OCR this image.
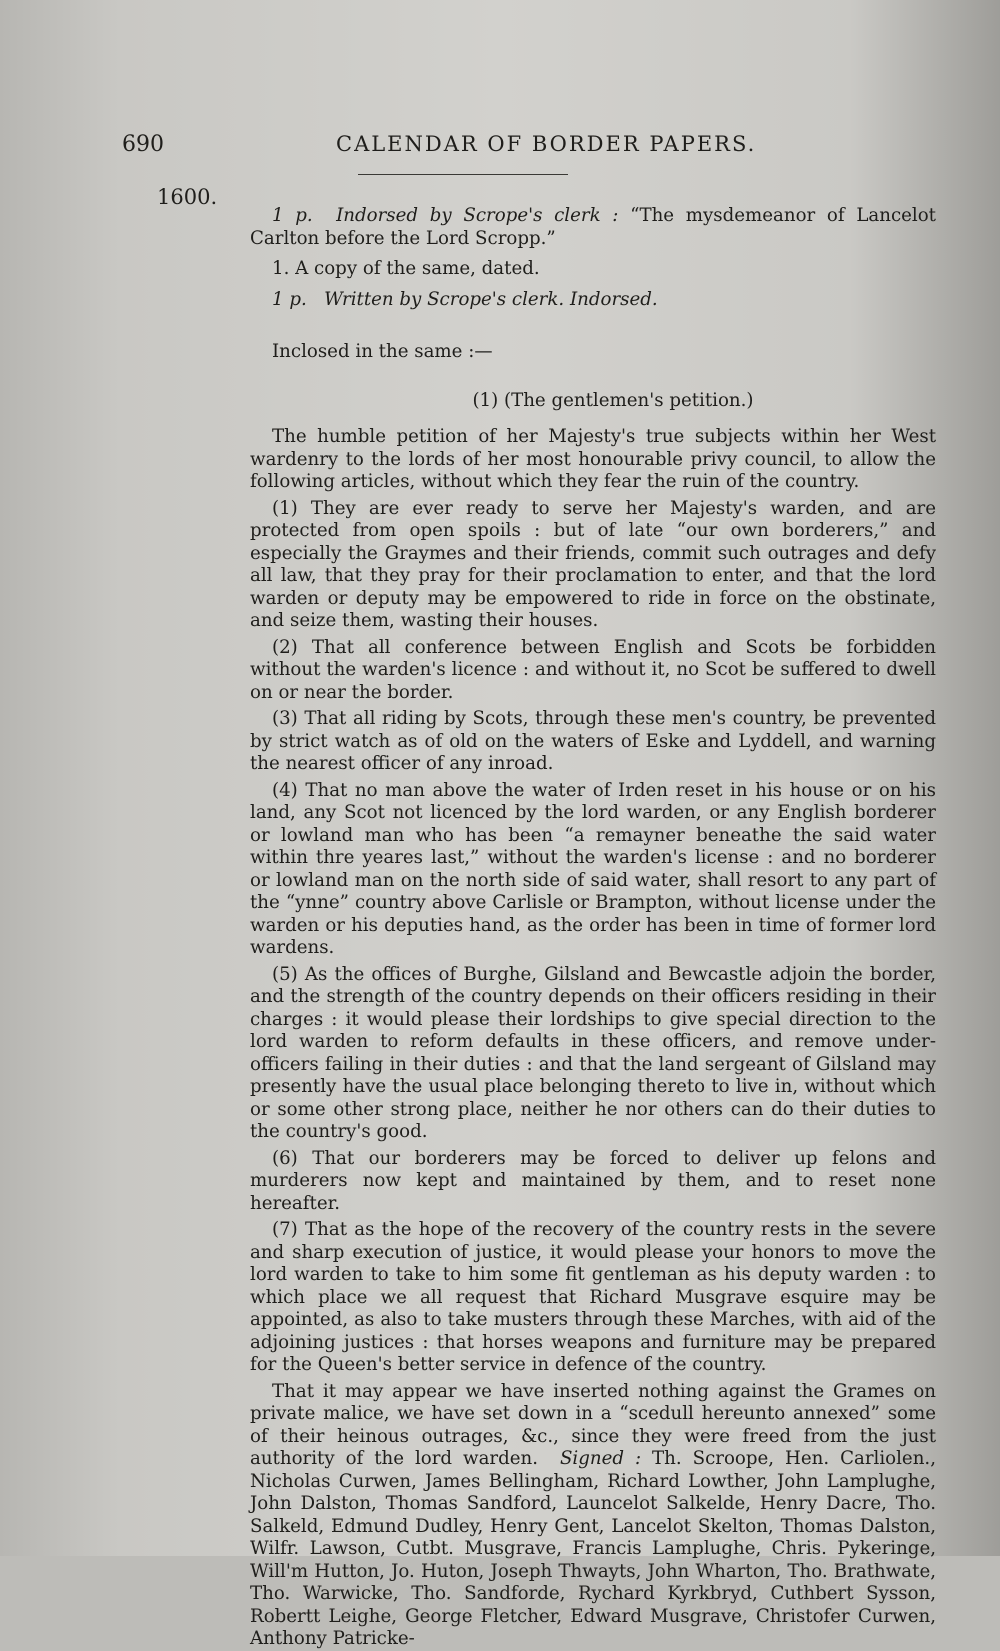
690	CALENDAR OF BORDER PAPERS.
1600.

1 p. Indorsed by Scrope's clerk : “The mysdemeanor of Lancelot Carlton before the Lord Scropp.”

1. A copy of the same, dated.

1 p. Written by Scrope's clerk. Indorsed.

Inclosed in the same :—

(1) (The gentlemen's petition.)

The humble petition of her Majesty's true subjects within her West wardenry to the lords of her most honourable privy council, to allow the following articles, without which they fear the ruin of the country.

(1) They are ever ready to serve her Majesty's warden, and are protected from open spoils : but of late “our own borderers,” and especially the Graymes and their friends, commit such outrages and defy all law, that they pray for their proclamation to enter, and that the lord warden or deputy may be empowered to ride in force on the obstinate, and seize them, wasting their houses.

(2) That all conference between English and Scots be forbidden without the warden's licence : and without it, no Scot be suffered to dwell on or near the border.

(3) That all riding by Scots, through these men's country, be prevented by strict watch as of old on the waters of Eske and Lyddell, and warning the nearest officer of any inroad.

(4) That no man above the water of Irden reset in his house or on his land, any Scot not licenced by the lord warden, or any English borderer or lowland man who has been “a remayner beneathe the said water within thre yeares last,” without the warden's license : and no borderer or lowland man on the north side of said water, shall resort to any part of the “ynne” country above Carlisle or Brampton, without license under the warden or his deputies hand, as the order has been in time of former lord wardens.

(5) As the offices of Burghe, Gilsland and Bewcastle adjoin the border, and the strength of the country depends on their officers residing in their charges : it would please their lordships to give special direction to the lord warden to reform defaults in these officers, and remove under-officers failing in their duties : and that the land sergeant of Gilsland may presently have the usual place belonging thereto to live in, without which or some other strong place, neither he nor others can do their duties to the country's good.

(6) That our borderers may be forced to deliver up felons and murderers now kept and maintained by them, and to reset none hereafter.

(7) That as the hope of the recovery of the country rests in the severe and sharp execution of justice, it would please your honors to move the lord warden to take to him some fit gentleman as his deputy warden : to which place we all request that Richard Musgrave esquire may be appointed, as also to take musters through these Marches, with aid of the adjoining justices : that horses weapons and furniture may be prepared for the Queen's better service in defence of the country.

That it may appear we have inserted nothing against the Grames on private malice, we have set down in a “scedull hereunto annexed” some of their heinous outrages, &c., since they were freed from the just authority of the lord warden. Signed : Th. Scroope, Hen. Carliolen., Nicholas Curwen, James Bellingham, Richard Lowther, John Lamplughe, John Dalston, Thomas Sandford, Launcelot Salkelde, Henry Dacre, Tho. Salkeld, Edmund Dudley, Henry Gent, Lancelot Skelton, Thomas Dalston, Wilfr. Lawson, Cutbt. Musgrave, Francis Lamplughe, Chris. Pykeringe, Will'm Hutton, Jo. Huton, Joseph Thwayts, John Wharton, Tho. Brathwate, Tho. Warwicke, Tho. Sandforde, Rychard Kyrkbryd, Cuthbert Sysson, Robertt Leighe, George Fletcher, Edward Musgrave, Christofer Curwen, Anthony Patricke-
